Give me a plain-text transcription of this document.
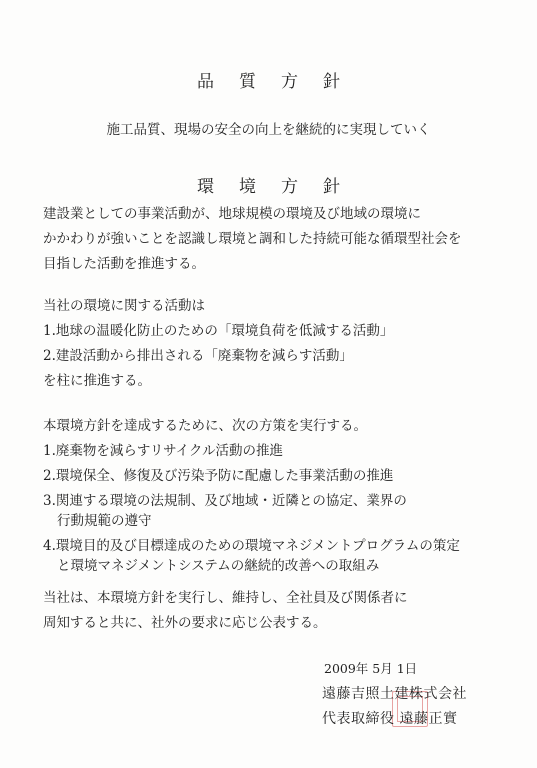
品 質 方 針
施工品質、現場の安全の向上を継続的に実現していく
環 境 方 針
建設業としての事業活動が、地球規模の環境及び地域の環境に
かかわりが強いことを認識し環境と調和した持続可能な循環型社会を
目指した活動を推進する。
当社の環境に関する活動は
1.地球の温暖化防止のための「環境負荷を低減する活動」
2.建設活動から排出される「廃棄物を減らす活動」
を柱に推進する。
本環境方針を達成するために、次の方策を実行する。
1.廃棄物を減らすリサイクル活動の推進
2.環境保全、修復及び汚染予防に配慮した事業活動の推進
3.関連する環境の法規制、及び地域・近隣との協定、業界の
行動規範の遵守
4.環境目的及び目標達成のための環境マネジメントプログラムの策定
と環境マネジメントシステムの継続的改善への取組み
当社は、本環境方針を実行し、維持し、全社員及び関係者に
周知すると共に、社外の要求に応じ公表する。
2009年 5月 1日
遠藤吉照土建株式会社
代表取締役 遠藤正實
